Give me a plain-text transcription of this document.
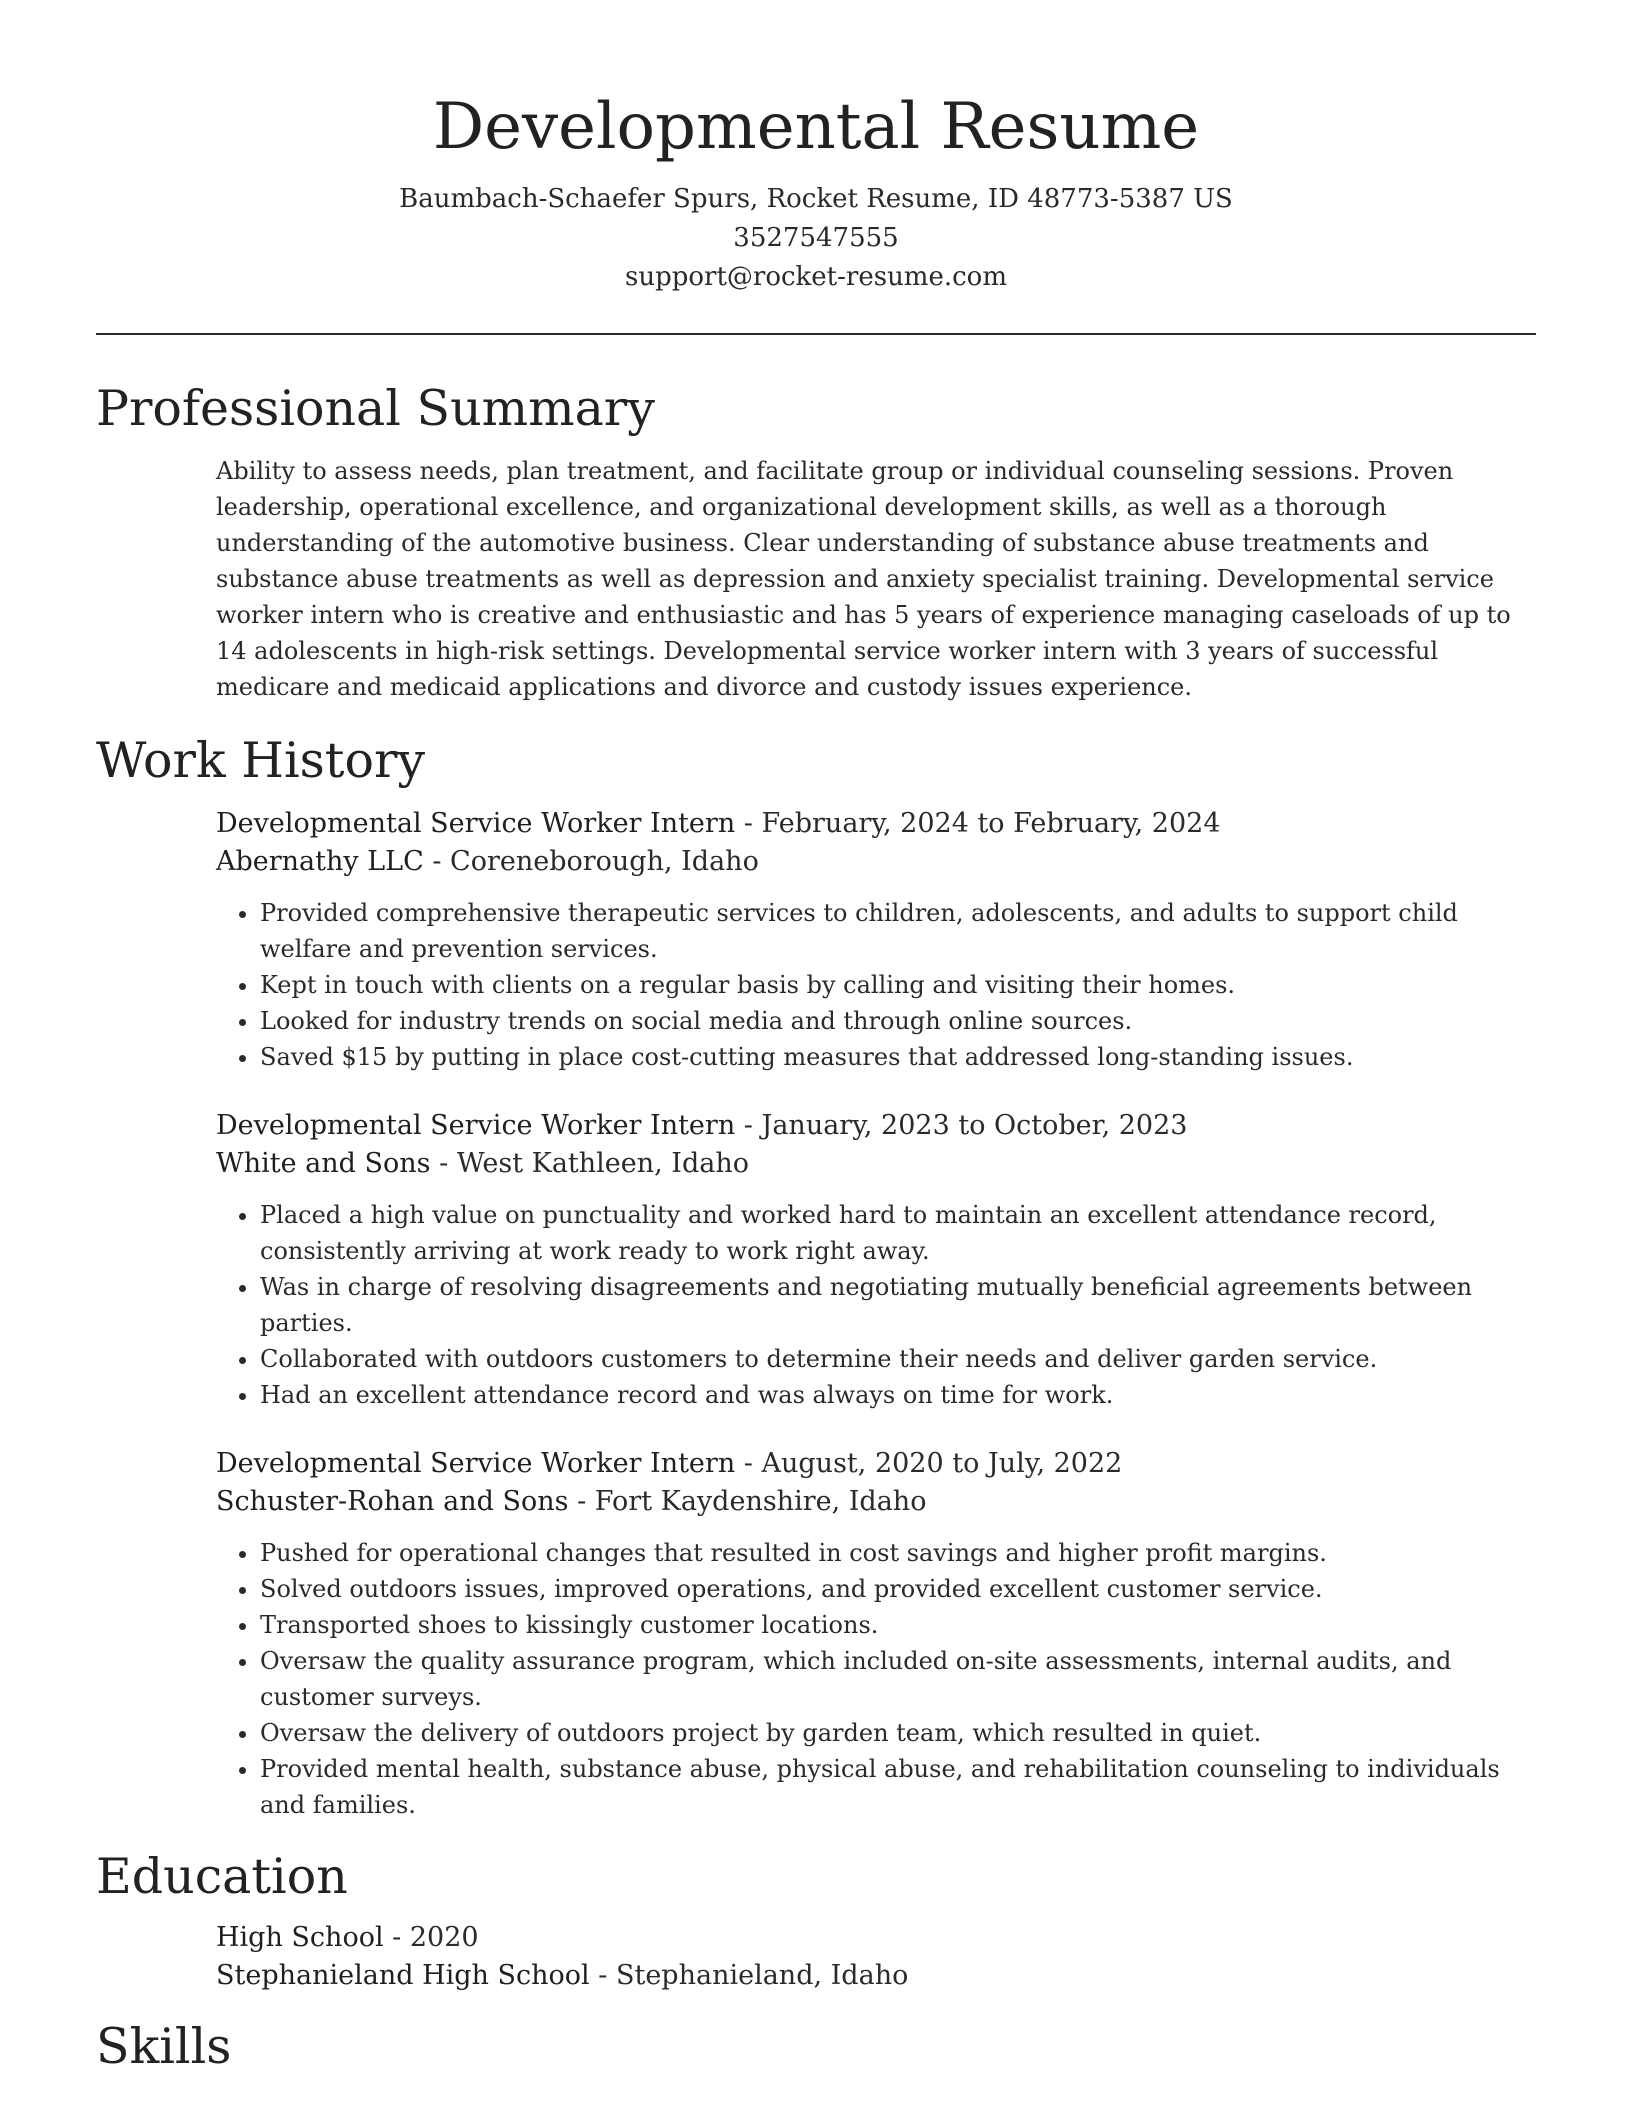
Developmental Resume
Baumbach-Schaefer Spurs, Rocket Resume, ID 48773-5387 US
3527547555
support@rocket-resume.com
Professional Summary
Ability to assess needs, plan treatment, and facilitate group or individual counseling sessions. Proven leadership, operational excellence, and organizational development skills, as well as a thorough understanding of the automotive business. Clear understanding of substance abuse treatments and substance abuse treatments as well as depression and anxiety specialist training. Developmental service worker intern who is creative and enthusiastic and has 5 years of experience managing caseloads of up to 14 adolescents in high-risk settings. Developmental service worker intern with 3 years of successful medicare and medicaid applications and divorce and custody issues experience.
Work History
Developmental Service Worker Intern - February, 2024 to February, 2024
Abernathy LLC - Coreneborough, Idaho
• Provided comprehensive therapeutic services to children, adolescents, and adults to support child welfare and prevention services.
• Kept in touch with clients on a regular basis by calling and visiting their homes.
• Looked for industry trends on social media and through online sources.
• Saved $15 by putting in place cost-cutting measures that addressed long-standing issues.
Developmental Service Worker Intern - January, 2023 to October, 2023
White and Sons - West Kathleen, Idaho
• Placed a high value on punctuality and worked hard to maintain an excellent attendance record, consistently arriving at work ready to work right away.
• Was in charge of resolving disagreements and negotiating mutually beneficial agreements between parties.
• Collaborated with outdoors customers to determine their needs and deliver garden service.
• Had an excellent attendance record and was always on time for work.
Developmental Service Worker Intern - August, 2020 to July, 2022
Schuster-Rohan and Sons - Fort Kaydenshire, Idaho
• Pushed for operational changes that resulted in cost savings and higher profit margins.
• Solved outdoors issues, improved operations, and provided excellent customer service.
• Transported shoes to kissingly customer locations.
• Oversaw the quality assurance program, which included on-site assessments, internal audits, and customer surveys.
• Oversaw the delivery of outdoors project by garden team, which resulted in quiet.
• Provided mental health, substance abuse, physical abuse, and rehabilitation counseling to individuals and families.
Education
High School - 2020
Stephanieland High School - Stephanieland, Idaho
Skills
